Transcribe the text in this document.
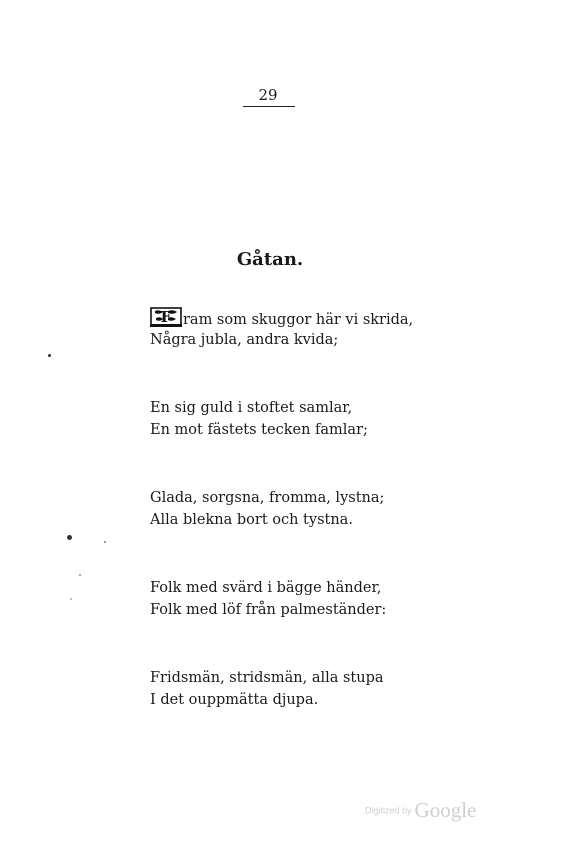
29
Gåtan.
F ram som skuggor här vi skrida,
Några jubla, andra kvida;
En sig guld i stoftet samlar,
En mot fästets tecken famlar;
Glada, sorgsna, fromma, lystna;
Alla blekna bort och tystna.
Folk med svärd i bägge händer,
Folk med löf från palmeständer:
Fridsmän, stridsmän, alla stupa
I det ouppmätta djupa.
Digitized by Google
